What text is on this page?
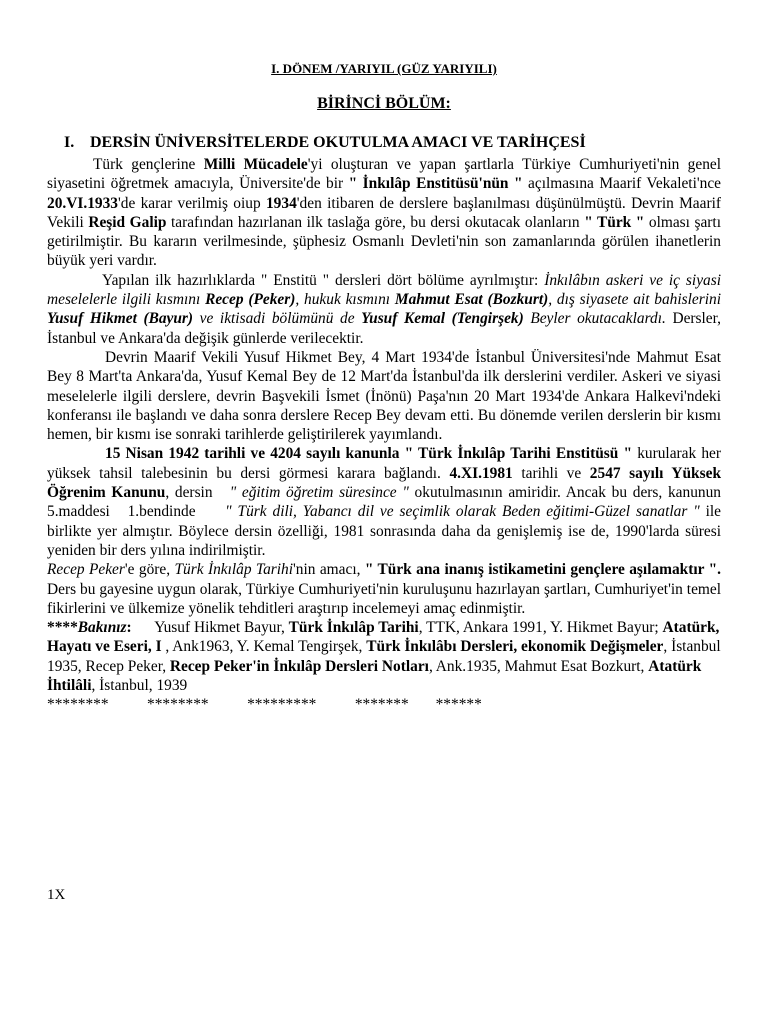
I. DÖNEM /YARIYIL (GÜZ YARIYILI)
BİRİNCİ BÖLÜM:
I. DERSİN ÜNİVERSİTELERDE OKUTULMA AMACI VE TARİHÇESİ

Türk gençlerine Milli Mücadele'yi oluşturan ve yapan şartlarla Türkiye Cumhuriyeti'nin genel siyasetini öğretmek amacıyla, Üniversite'de bir " İnkılâp Enstitüsü'nün " açılmasına Maarif Vekaleti'nce 20.VI.1933'de karar verilmiş oiup 1934'den itibaren de derslere başlanılması düşünülmüştü. Devrin Maarif Vekili Reşid Galip tarafından hazırlanan ilk taslağa göre, bu dersi okutacak olanların " Türk " olması şartı getirilmiştir. Bu kararın verilmesinde, şüphesiz Osmanlı Devleti'nin son zamanlarında görülen ihanetlerin büyük yeri vardır.

Yapılan ilk hazırlıklarda " Enstitü " dersleri dört bölüme ayrılmıştır: İnkılâbın askeri ve iç siyasi meselelerle ilgili kısmını Recep (Peker), hukuk kısmını Mahmut Esat (Bozkurt), dış siyasete ait bahislerini Yusuf Hikmet (Bayur) ve iktisadi bölümünü de Yusuf Kemal (Tengirşek) Beyler okutacaklardı. Dersler, İstanbul ve Ankara'da değişik günlerde verilecektir.

Devrin Maarif Vekili Yusuf Hikmet Bey, 4 Mart 1934'de İstanbul Üniversitesi'nde Mahmut Esat Bey 8 Mart'ta Ankara'da, Yusuf Kemal Bey de 12 Mart'da İstanbul'da ilk derslerini verdiler. Askeri ve siyasi meselelerle ilgili derslere, devrin Başvekili İsmet (İnönü) Paşa'nın 20 Mart 1934'de Ankara Halkevi'ndeki konferansı ile başlandı ve daha sonra derslere Recep Bey devam etti. Bu dönemde verilen derslerin bir kısmı hemen, bir kısmı ise sonraki tarihlerde geliştirilerek yayımlandı.

15 Nisan 1942 tarihli ve 4204 sayılı kanunla " Türk İnkılâp Tarihi Enstitüsü " kurularak her yüksek tahsil talebesinin bu dersi görmesi karara bağlandı. 4.XI.1981 tarihli ve 2547 sayılı Yüksek Öğrenim Kanunu, dersin   " eğitim öğretim süresince " okutulmasının amiridir. Ancak bu ders, kanunun 5.maddesi   1.bendinde     " Türk dili, Yabancı dil ve seçimlik olarak Beden eğitimi-Güzel sanatlar " ile birlikte yer almıştır. Böylece dersin özelliği, 1981 sonrasında daha da genişlemiş ise de, 1990'larda süresi yeniden bir ders yılına indirilmiştir.

Recep Peker'e göre, Türk İnkılâp Tarihi'nin amacı, " Türk ana inanış istikametini gençlere aşılamaktır ". Ders bu gayesine uygun olarak, Türkiye Cumhuriyeti'nin kuruluşunu hazırlayan şartları, Cumhuriyet'in temel fikirlerini ve ülkemize yönelik tehditleri araştırıp incelemeyi amaç edinmiştir.

****Bakınız:      Yusuf Hikmet Bayur, Türk İnkılâp Tarihi, TTK, Ankara 1991, Y. Hikmet Bayur; Atatürk, Hayatı ve Eseri, I , Ank1963, Y. Kemal Tengirşek, Türk İnkılâbı Dersleri, ekonomik Değişmeler, İstanbul 1935, Recep Peker, Recep Peker'in İnkılâp Dersleri Notları, Ank.1935, Mahmut Esat Bozkurt, Atatürk İhtilâli, İstanbul, 1939

********          ********          *********          *******       ******

1X
